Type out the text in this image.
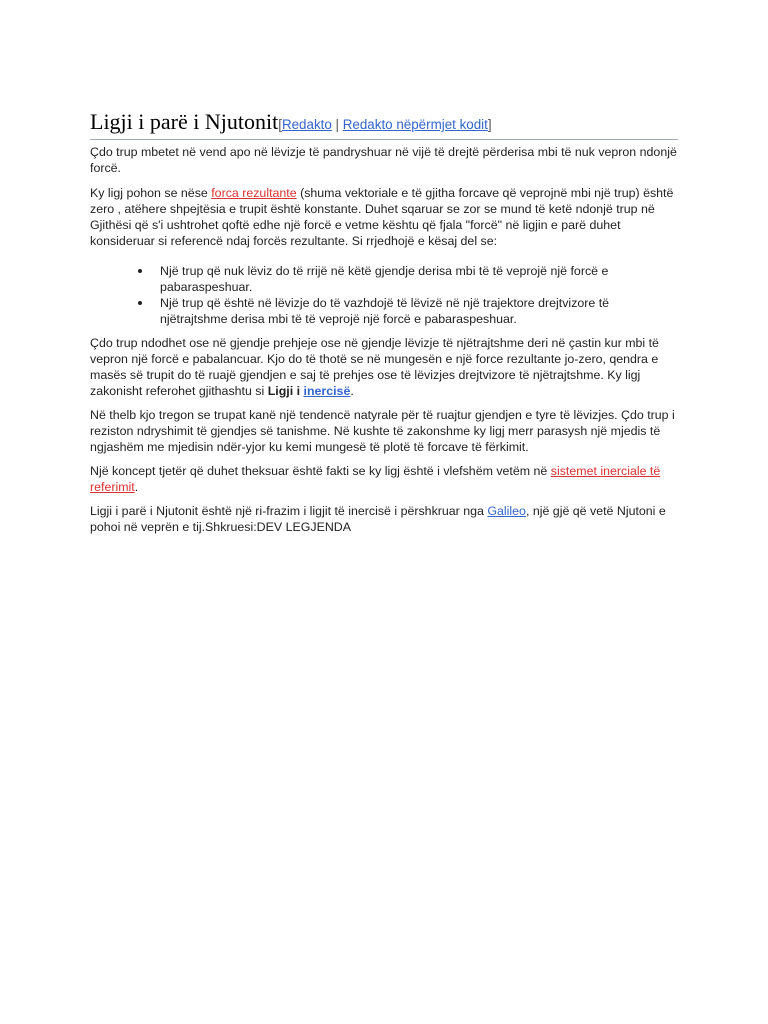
Ligji i parë i Njutonit[Redakto | Redakto nëpërmjet kodit]

Çdo trup mbetet në vend apo në lëvizje të pandryshuar në vijë të drejtë përderisa mbi të nuk vepron ndonjë forcë.

Ky ligj pohon se nëse forca rezultante (shuma vektoriale e të gjitha forcave që veprojnë mbi një trup) është zero , atëhere shpejtësia e trupit është konstante. Duhet sqaruar se zor se mund të ketë ndonjë trup në Gjithësi që s'i ushtrohet qoftë edhe një forcë e vetme kështu që fjala "forcë" në ligjin e parë duhet konsideruar si referencë ndaj forcës rezultante. Si rrjedhojë e kësaj del se:

Një trup që nuk lëviz do të rrijë në këtë gjendje derisa mbi të të veprojë një forcë e pabaraspeshuar.
Një trup që është në lëvizje do të vazhdojë të lëvizë në një trajektore drejtvizore të njëtrajtshme derisa mbi të të veprojë një forcë e pabaraspeshuar.

Çdo trup ndodhet ose në gjendje prehjeje ose në gjendje lëvizje të njëtrajtshme deri në çastin kur mbi të vepron një forcë e pabalancuar. Kjo do të thotë se në mungesën e një force rezultante jo-zero, qendra e masës së trupit do të ruajë gjendjen e saj të prehjes ose të lëvizjes drejtvizore të njëtrajtshme. Ky ligj zakonisht referohet gjithashtu si Ligji i inercisë.

Në thelb kjo tregon se trupat kanë një tendencë natyrale për të ruajtur gjendjen e tyre të lëvizjes. Çdo trup i reziston ndryshimit të gjendjes së tanishme. Në kushte të zakonshme ky ligj merr parasysh një mjedis të ngjashëm me mjedisin ndër-yjor ku kemi mungesë të plotë të forcave të fërkimit.

Një koncept tjetër që duhet theksuar është fakti se ky ligj është i vlefshëm vetëm në sistemet inerciale të referimit.

Ligji i parë i Njutonit është një ri-frazim i ligjit të inercisë i përshkruar nga Galileo, një gjë që vetë Njutoni e pohoi në veprën e tij.Shkruesi:DEV LEGJENDA
